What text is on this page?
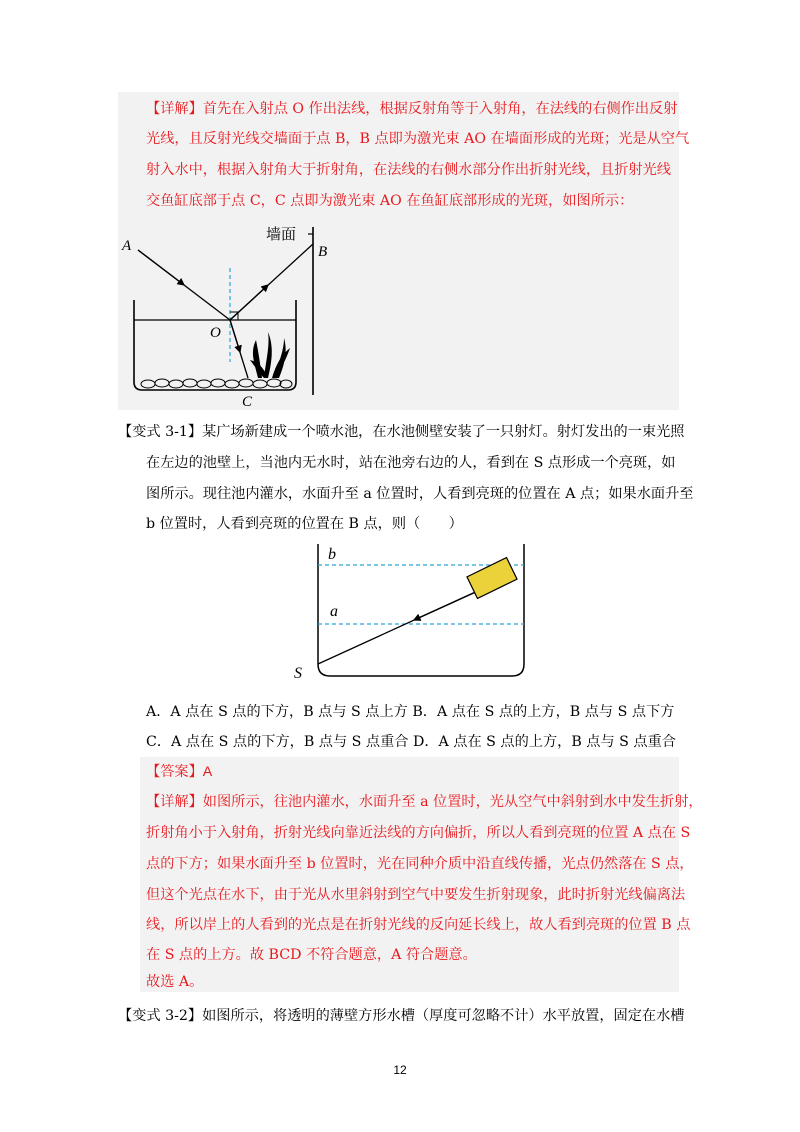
【详解】首先在入射点 O 作出法线，根据反射角等于入射角，在法线的右侧作出反射
光线，且反射光线交墙面于点 B，B 点即为激光束 AO 在墙面形成的光斑；光是从空气
射入水中，根据入射角大于折射角，在法线的右侧水部分作出折射光线，且折射光线
交鱼缸底部于点 C，C 点即为激光束 AO 在鱼缸底部形成的光斑，如图所示：
墙面
A	B
O
C
【变式 3-1】某广场新建成一个喷水池，在水池侧壁安装了一只射灯。射灯发出的一束光照
在左边的池壁上，当池内无水时，站在池旁右边的人，看到在 S 点形成一个亮斑，如
图所示。现往池内灌水，水面升至 a 位置时，人看到亮斑的位置在 A 点；如果水面升至
b 位置时，人看到亮斑的位置在 B 点，则（　　）
b
a
S
A．A 点在 S 点的下方，B 点与 S 点上方 B．A 点在 S 点的上方，B 点与 S 点下方
C．A 点在 S 点的下方，B 点与 S 点重合 D．A 点在 S 点的上方，B 点与 S 点重合
【答案】A
【详解】如图所示，往池内灌水，水面升至 a 位置时，光从空气中斜射到水中发生折射，
折射角小于入射角，折射光线向靠近法线的方向偏折，所以人看到亮斑的位置 A 点在 S
点的下方；如果水面升至 b 位置时，光在同种介质中沿直线传播，光点仍然落在 S 点，
但这个光点在水下，由于光从水里斜射到空气中要发生折射现象，此时折射光线偏离法
线，所以岸上的人看到的光点是在折射光线的反向延长线上，故人看到亮斑的位置 B 点
在 S 点的上方。故 BCD 不符合题意，A 符合题意。
故选 A。
【变式 3-2】如图所示，将透明的薄壁方形水槽（厚度可忽略不计）水平放置，固定在水槽
12
